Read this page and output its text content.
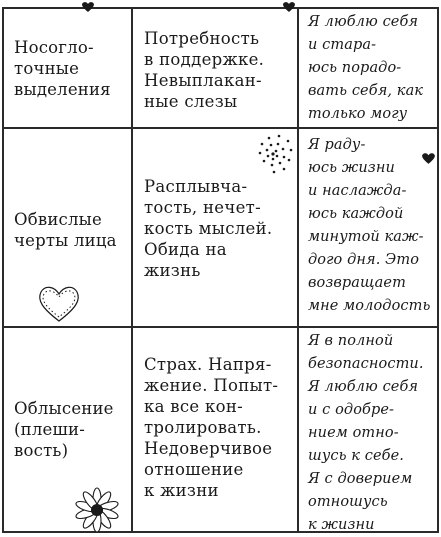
Носогло-
точные
выделения

Потребность
в поддержке.
Невыплакан-
ные слезы

Я люблю себя
и стара-
юсь порадо-
вать себя, как
только могу

Обвислые
черты лица

Расплывча-
тость, нечет-
кость мыслей.
Обида на
жизнь

Я раду-
юсь жизни
и наслажда-
юсь каждой
минутой каж-
дого дня. Это
возвращает
мне молодость

Облысение
(плеши-
вость)

Страх. Напря-
жение. Попыт-
ка все кон-
тролировать.
Недоверчивое
отношение
к жизни

Я в полной
безопасности.
Я люблю себя
и с одобре-
нием отно-
шусь к себе.
Я с доверием
отношусь
к жизни
